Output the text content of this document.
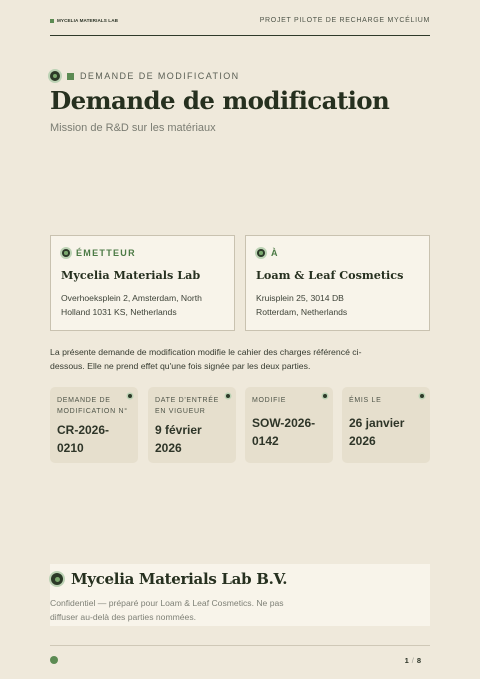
MYCELIA MATERIALS LAB	PROJET PILOTE DE RECHARGE MYCÉLIUM
DEMANDE DE MODIFICATION
Demande de modification
Mission de R&D sur les matériaux
ÉMETTEUR
Mycelia Materials Lab
Overhoeksplein 2, Amsterdam, North
Holland 1031 KS, Netherlands
À
Loam & Leaf Cosmetics
Kruisplein 25, 3014 DB
Rotterdam, Netherlands

La présente demande de modification modifie le cahier des charges référencé ci-dessous. Elle ne prend effet qu'une fois signée par les deux parties.

DEMANDE DE MODIFICATION N°
CR-2026-0210
DATE D'ENTRÉE EN VIGUEUR
9 février 2026
MODIFIE
SOW-2026-0142
ÉMIS LE
26 janvier 2026
Mycelia Materials Lab B.V.

Confidentiel — préparé pour Loam & Leaf Cosmetics. Ne pas diffuser au-delà des parties nommées.

1 / 8
